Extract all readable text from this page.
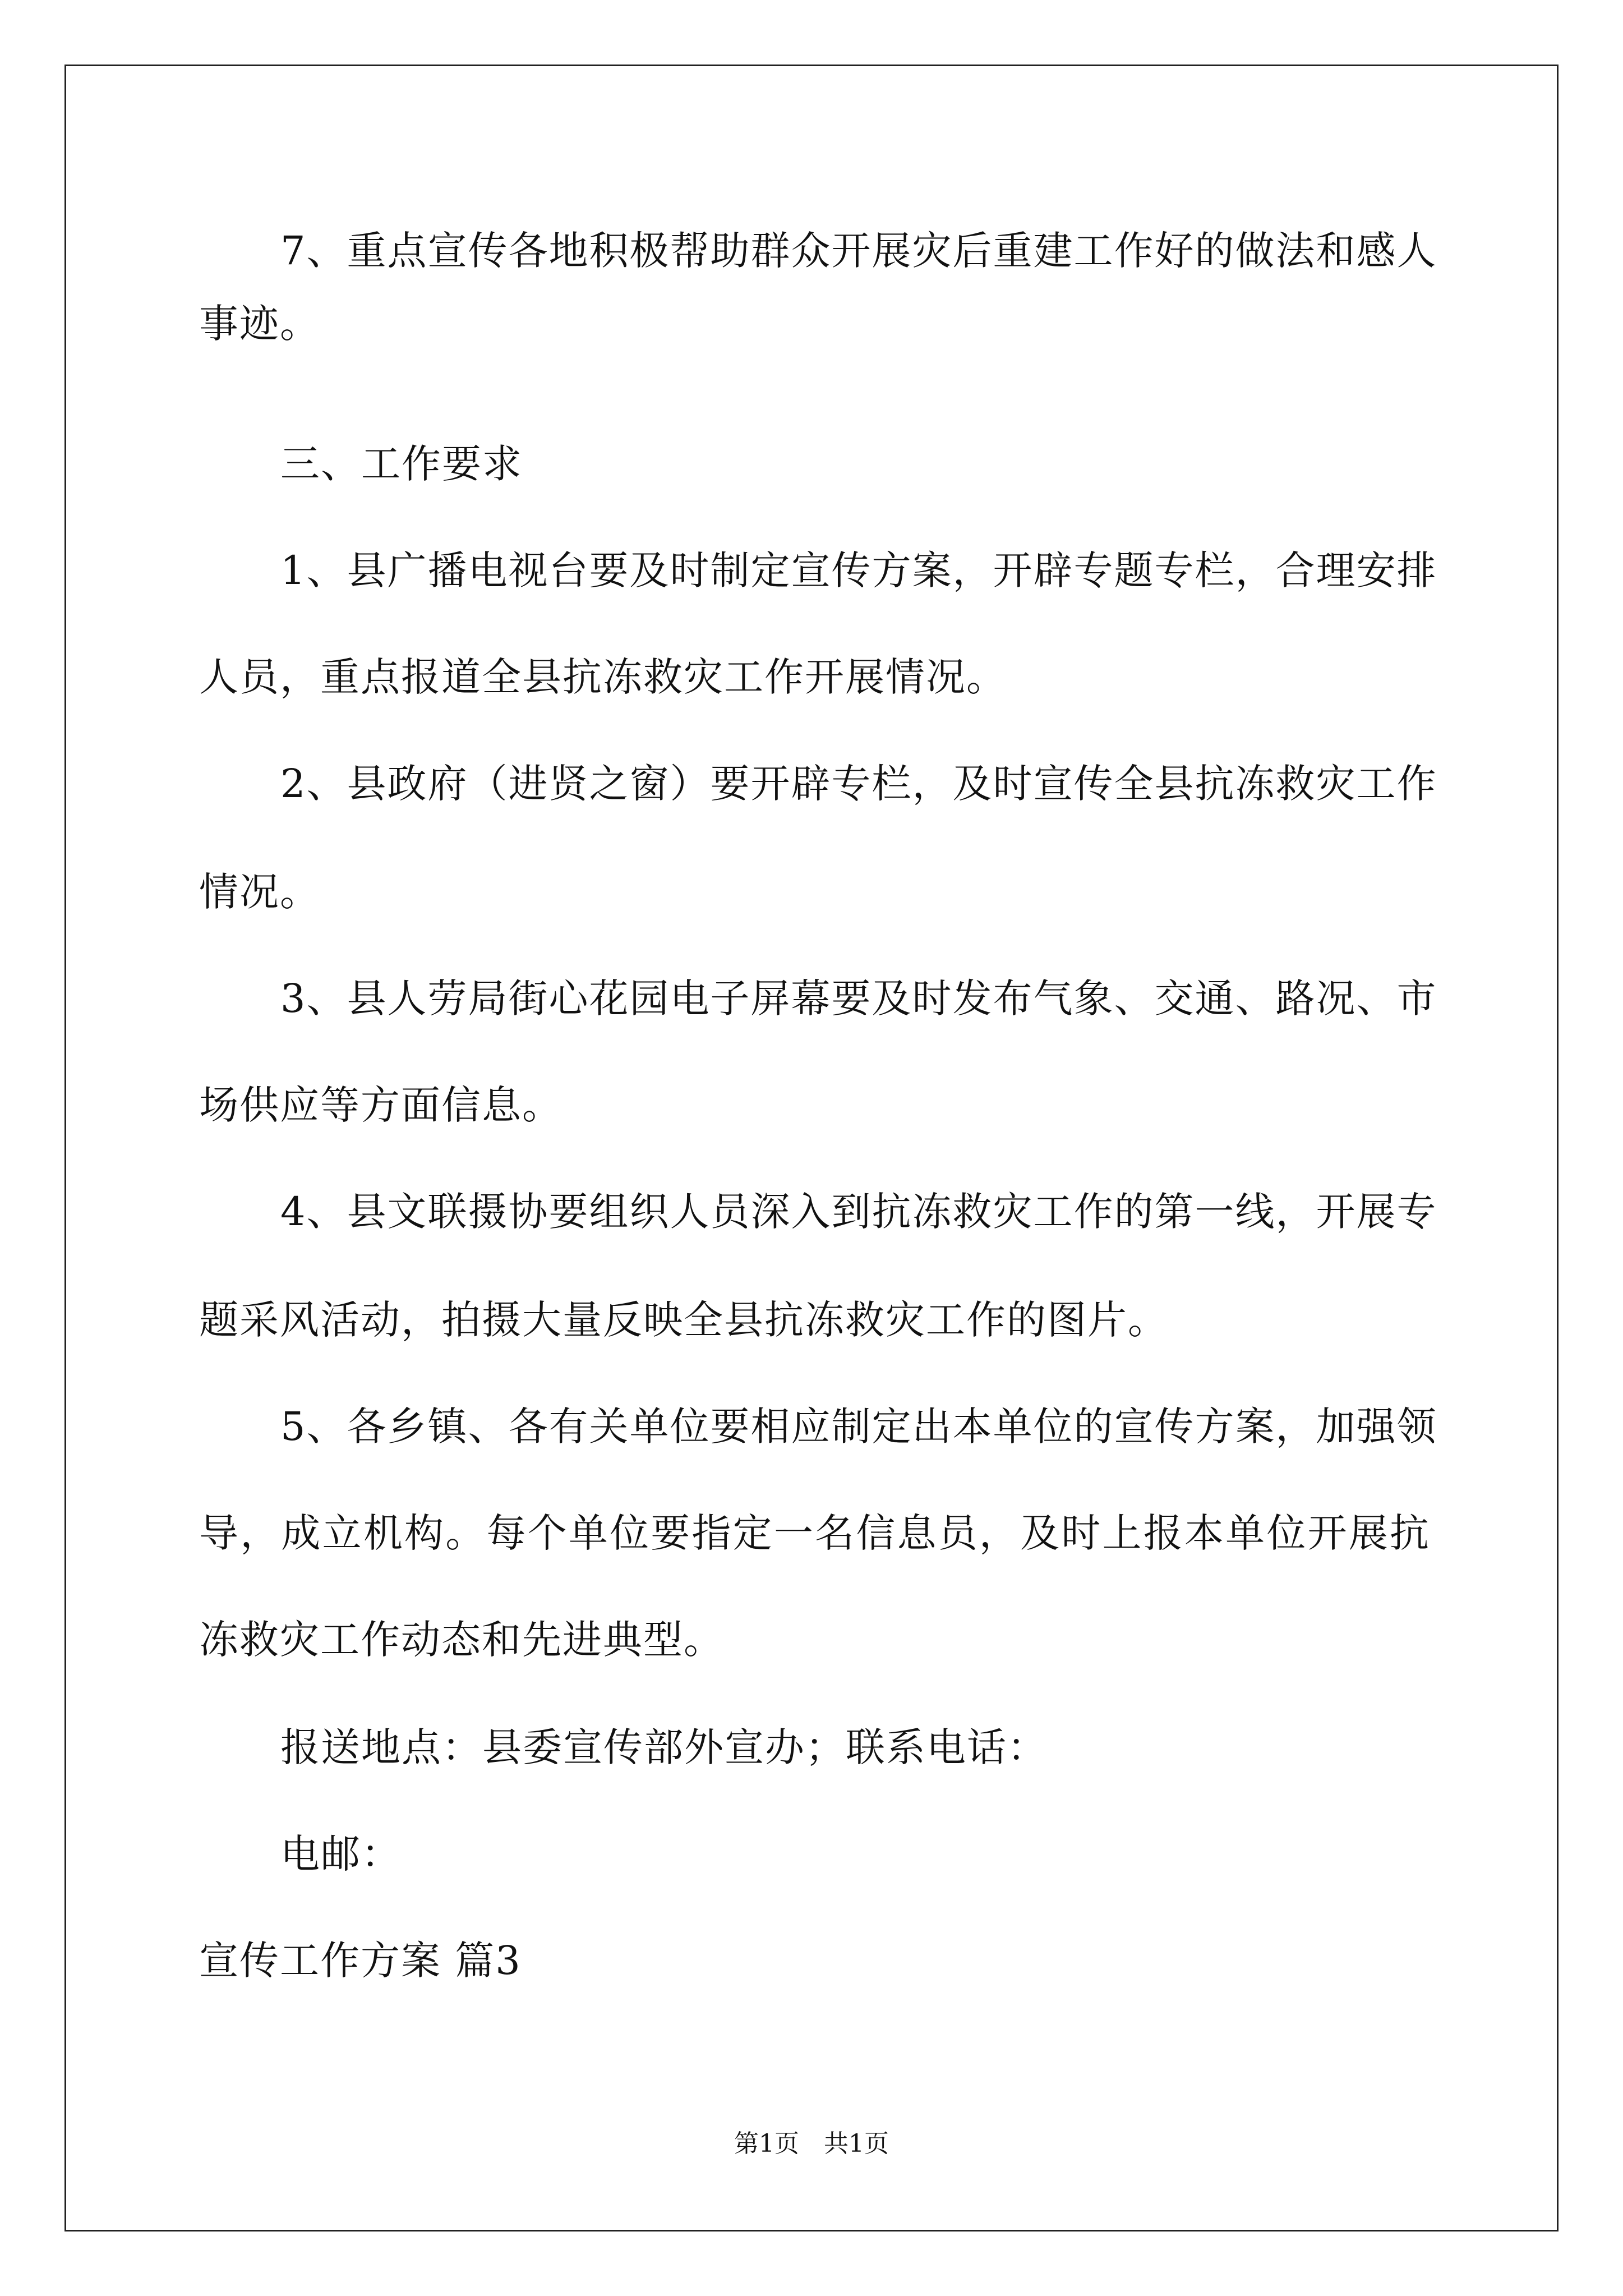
7、重点宣传各地积极帮助群众开展灾后重建工作好的做法和感人
事迹。
三、工作要求
1、县广播电视台要及时制定宣传方案，开辟专题专栏，合理安排
人员，重点报道全县抗冻救灾工作开展情况。
2、县政府（进贤之窗）要开辟专栏，及时宣传全县抗冻救灾工作
情况。
3、县人劳局街心花园电子屏幕要及时发布气象、交通、路况、市
场供应等方面信息。
4、县文联摄协要组织人员深入到抗冻救灾工作的第一线，开展专
题采风活动，拍摄大量反映全县抗冻救灾工作的图片。
5、各乡镇、各有关单位要相应制定出本单位的宣传方案，加强领
导，成立机构。每个单位要指定一名信息员，及时上报本单位开展抗
冻救灾工作动态和先进典型。
报送地点：县委宣传部外宣办；联系电话：
电邮：
宣传工作方案 篇3
第1页　共1页
